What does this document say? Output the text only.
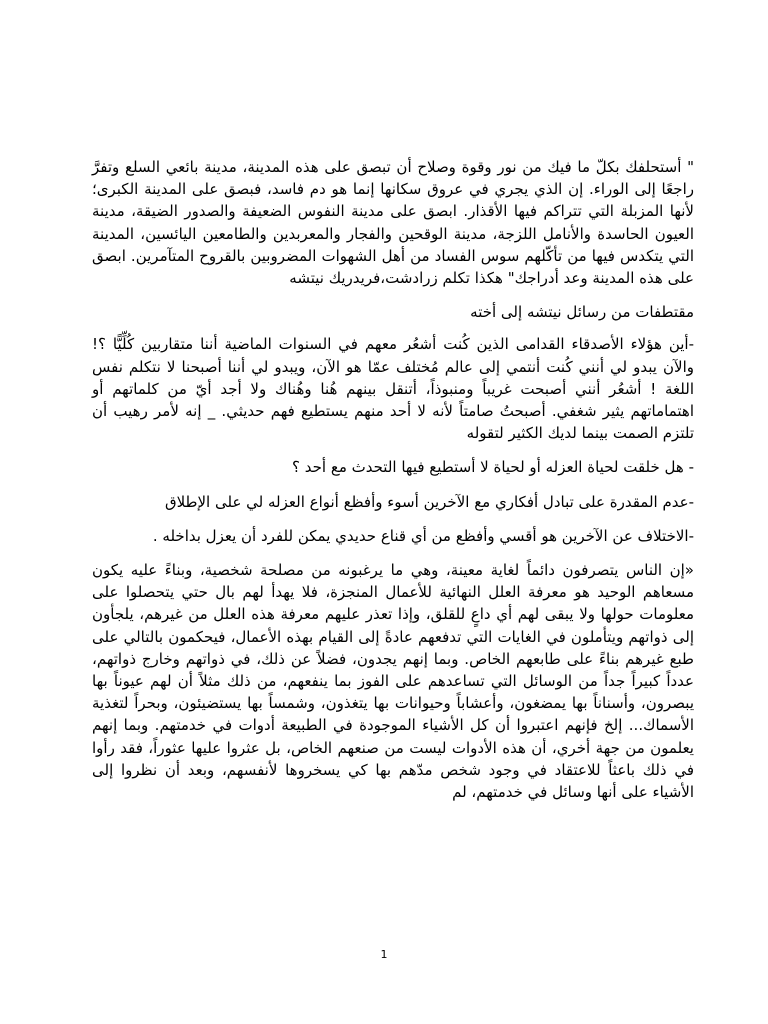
" أستحلفك بكلّ ما فيك من نور وقوة وصلاح أن تبصق على هذه المدينة، مدينة بائعي السلع وتفرَّ راجعًا إلى الوراء. إن الذي يجري في عروق سكانها إنما هو دم فاسد، فبصق على المدينة الكبرى؛ لأنها المزبلة التي تتراكم فيها الأقذار. ابصق على مدينة النفوس الضعيفة والصدور الضيقة، مدينة العيون الحاسدة والأنامل اللزجة، مدينة الوقحين والفجار والمعربدين والطامعين اليائسين، المدينة التي يتكدس فيها من تأكّلهم سوس الفساد من أهل الشهوات المضروبين بالقروح المتآمرين. ابصق على هذه المدينة وعد أدراجك" هكذا تكلم زرادشت،فريدريك نيتشه

مقتطفات من رسائل نيتشه إلى أخته

-أين هؤلاء الأصدقاء القدامى الذين كُنت أشعُر معهم في السنوات الماضية أننا متقاربين كُلِّيًّا ؟! والآن يبدو لي أنني كُنت أنتمي إلى عالم مُختلف عمّا هو الآن، ويبدو لي أننا أصبحنا لا نتكلم نفس اللغة ! أشعُر أنني أصبحت غريباً ومنبوذاً، أتنقل بينهم هُنا وهُناك ولا أجد أيّ من كلماتهم أو اهتماماتهم يثير شغفي. أصبحتُ صامتاً لأنه لا أحد منهم يستطيع فهم حديثي. _ إنه لأمر رهيب أن تلتزم الصمت بينما لديك الكثير لتقوله

- هل خلقت لحياة العزله أو لحياة لا أستطيع فيها التحدث مع أحد ؟

-عدم المقدرة على تبادل أفكاري مع الآخرين أسوء وأفظع أنواع العزله لي على الإطلاق

-الاختلاف عن الآخرين هو أقسي وأفظع من أي قناع حديدي يمكن للفرد أن يعزل بداخله .

«إن الناس يتصرفون دائماً لغاية معينة، وهي ما يرغبونه من مصلحة شخصية، وبناءً عليه يكون مسعاهم الوحيد هو معرفة العلل النهائية للأعمال المنجزة، فلا يهدأ لهم بال حتي يتحصلوا على معلومات حولها ولا يبقى لهم أي داعٍ للقلق، وإذا تعذر عليهم معرفة هذه العلل من غيرهم، يلجأون إلى ذواتهم ويتأملون في الغايات التي تدفعهم عادةً إلى القيام بهذه الأعمال، فيحكمون بالتالي على طبع غيرهم بناءً على طابعهم الخاص. وبما إنهم يجدون، فضلاً عن ذلك، في ذواتهم وخارج ذواتهم، عدداً كبيراً جداً من الوسائل التي تساعدهم على الفوز بما ينفعهم، من ذلك مثلاً أن لهم عيوناً بها يبصرون، وأسناناً بها يمضغون، وأعشاباً وحيوانات بها يتغذون، وشمساً بها يستضيئون، وبحراً لتغذية الأسماك... إلخ فإنهم اعتبروا أن كل الأشياء الموجودة في الطبيعة أدوات في خدمتهم. وبما إنهم يعلمون من جهة أخري، أن هذه الأدوات ليست من صنعهم الخاص، بل عثروا عليها عثوراً، فقد رأوا في ذلك باعثاً للاعتقاد في وجود شخص مدّهم بها كي يسخروها لأنفسهم، وبعد أن نظروا إلى الأشياء على أنها وسائل في خدمتهم، لم

1
